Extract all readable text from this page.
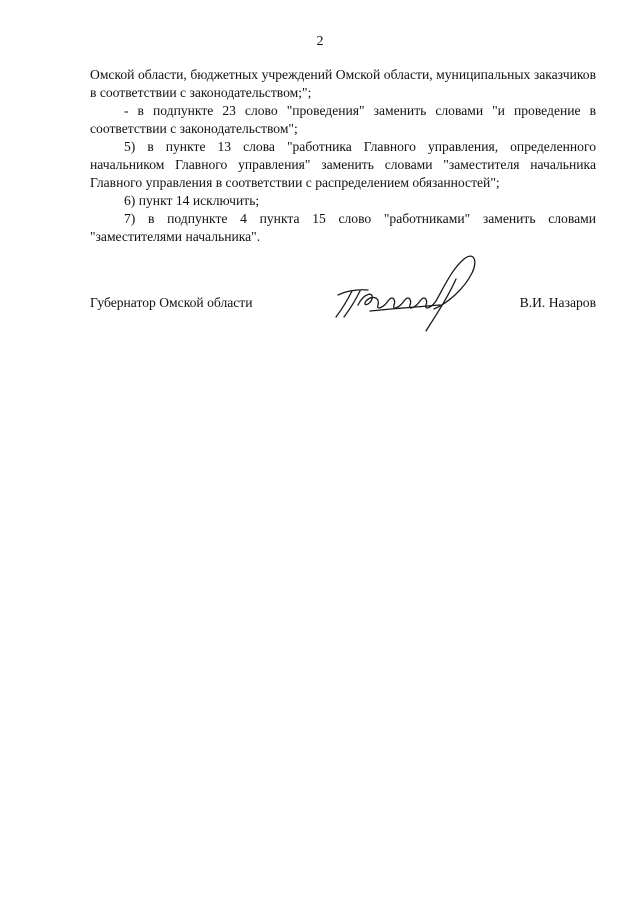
2

Омской области, бюджетных учреждений Омской области, муниципальных заказчиков в соответствии с законодательством;";

- в подпункте 23 слово "проведения" заменить словами "и проведение в соответствии с законодательством";

5) в пункте 13 слова "работника Главного управления, определенного начальником Главного управления" заменить словами "заместителя начальника Главного управления в соответствии с распределением обязанностей";

6) пункт 14 исключить;

7) в подпункте 4 пункта 15 слово "работниками" заменить словами "заместителями начальника".

Губернатор Омской области	В.И. Назаров
